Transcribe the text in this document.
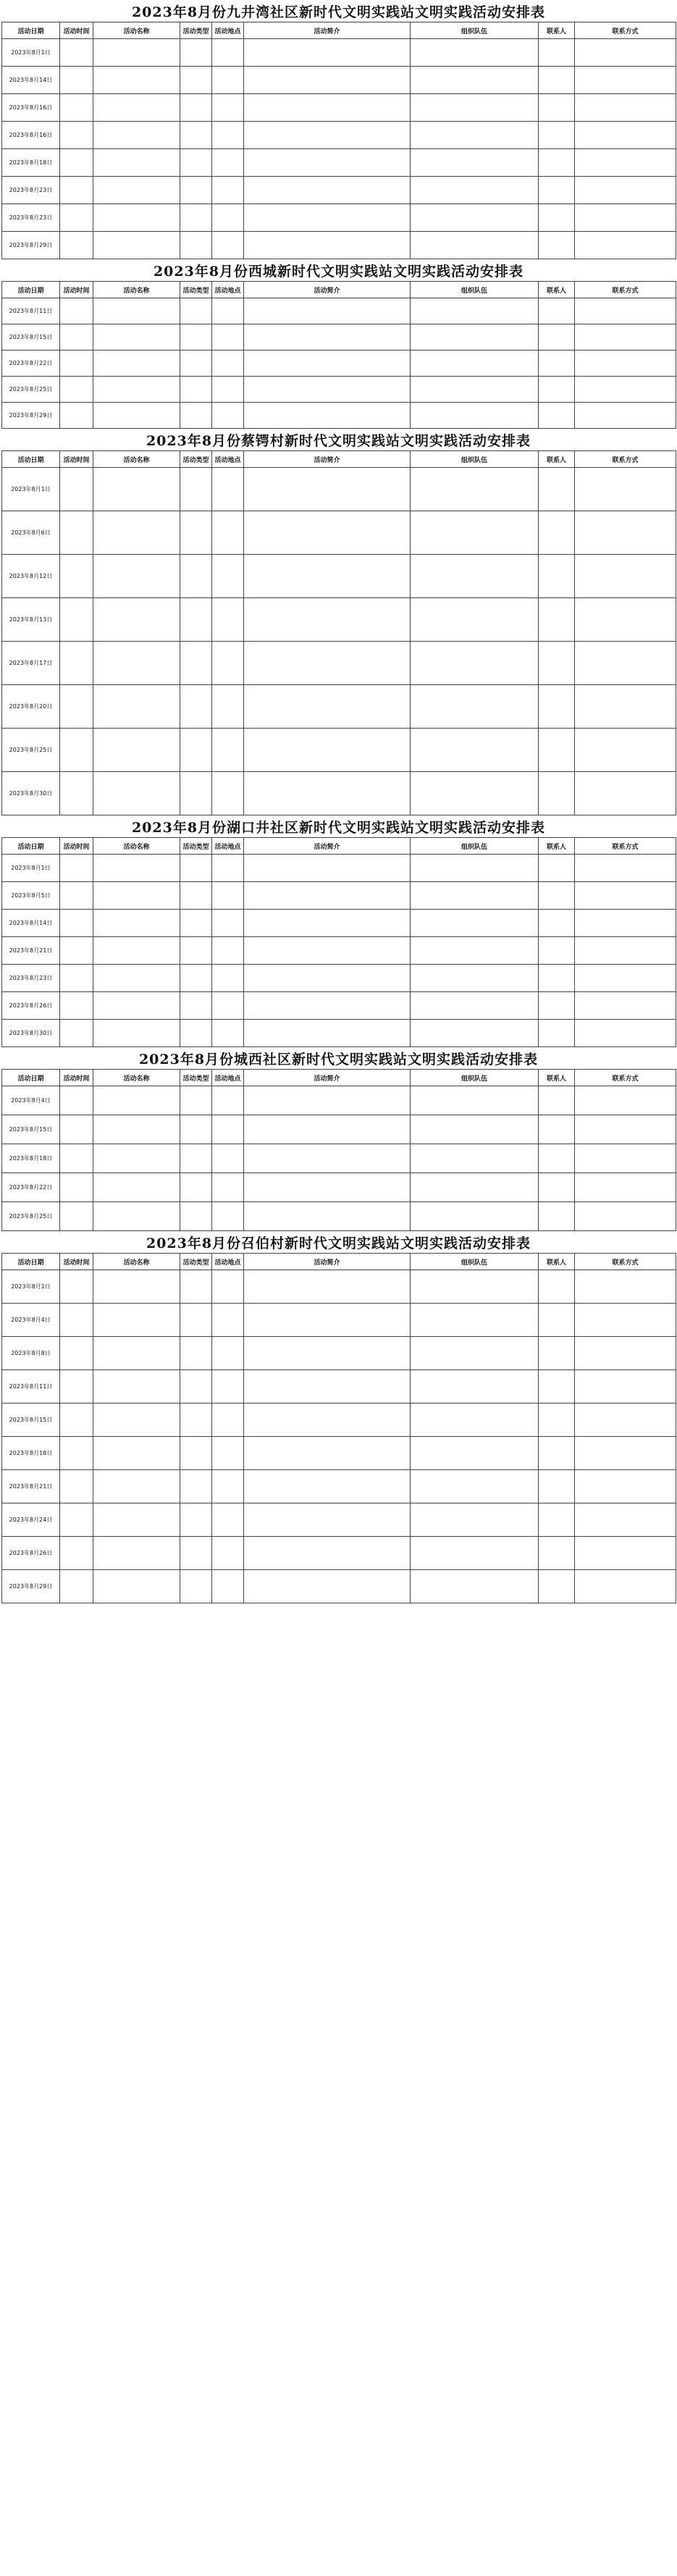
2023年8月份九井湾社区新时代文明实践站文明实践活动安排表
活动日期	活动时间	活动名称	活动类型	活动地点	活动简介	组织队伍	联系人	联系方式
2023年8月1日								
2023年8月14日								
2023年8月16日								
2023年8月16日								
2023年8月18日								
2023年8月23日								
2023年8月23日								
2023年8月29日								
2023年8月份西城新时代文明实践站文明实践活动安排表
活动日期	活动时间	活动名称	活动类型	活动地点	活动简介	组织队伍	联系人	联系方式
2023年8月11日								
2023年8月15日								
2023年8月22日								
2023年8月25日								
2023年8月29日								
2023年8月份蔡锷村新时代文明实践站文明实践活动安排表
活动日期	活动时间	活动名称	活动类型	活动地点	活动简介	组织队伍	联系人	联系方式
2023年8月1日								
2023年8月6日								
2023年8月12日								
2023年8月13日								
2023年8月17日								
2023年8月20日								
2023年8月25日								
2023年8月30日								
2023年8月份湖口井社区新时代文明实践站文明实践活动安排表
活动日期	活动时间	活动名称	活动类型	活动地点	活动简介	组织队伍	联系人	联系方式
2023年8月1日								
2023年8月5日								
2023年8月14日								
2023年8月21日								
2023年8月23日								
2023年8月26日								
2023年8月30日								
2023年8月份城西社区新时代文明实践站文明实践活动安排表
活动日期	活动时间	活动名称	活动类型	活动地点	活动简介	组织队伍	联系人	联系方式
2023年8月4日								
2023年8月15日								
2023年8月18日								
2023年8月22日								
2023年8月25日								
2023年8月份召伯村新时代文明实践站文明实践活动安排表
活动日期	活动时间	活动名称	活动类型	活动地点	活动简介	组织队伍	联系人	联系方式
2023年8月1日								
2023年8月4日								
2023年8月8日								
2023年8月11日								
2023年8月15日								
2023年8月18日								
2023年8月21日								
2023年8月24日								
2023年8月26日								
2023年8月29日								
